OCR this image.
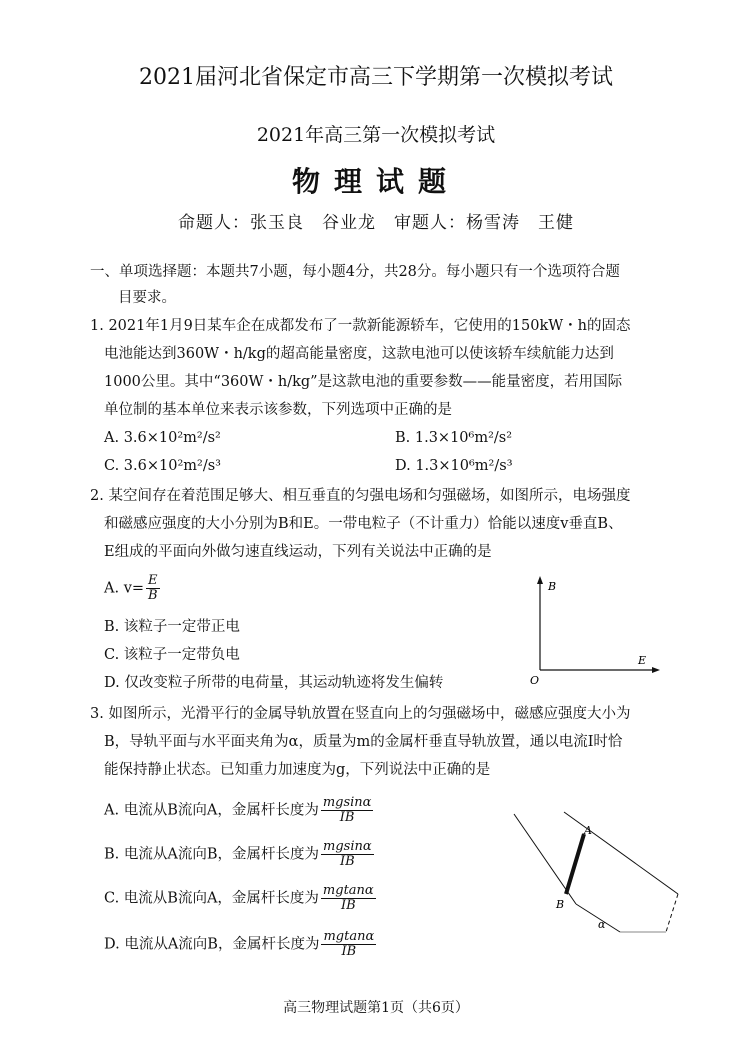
2021届河北省保定市高三下学期第一次模拟考试
2021年高三第一次模拟考试
物理试题
命题人：张玉良　谷业龙　审题人：杨雪涛　王健
一、单项选择题：本题共7小题，每小题4分，共28分。每小题只有一个选项符合题
目要求。
1. 2021年1月9日某车企在成都发布了一款新能源轿车，它使用的150kW・h的固态
电池能达到360W・h/kg的超高能量密度，这款电池可以使该轿车续航能力达到
1000公里。其中“360W・h/kg”是这款电池的重要参数——能量密度，若用国际
单位制的基本单位来表示该参数，下列选项中正确的是
A. 3.6×10²m²/s²	B. 1.3×10⁶m²/s²
C. 3.6×10²m²/s³	D. 1.3×10⁶m²/s³
2. 某空间存在着范围足够大、相互垂直的匀强电场和匀强磁场，如图所示，电场强度
和磁感应强度的大小分别为B和E。一带电粒子（不计重力）恰能以速度v垂直B、
E组成的平面向外做匀速直线运动，下列有关说法中正确的是
A. $v= \frac{E}{B}$
B. 该粒子一定带正电
C. 该粒子一定带负电
D. 仅改变粒子所带的电荷量，其运动轨迹将发生偏转
B
E
O
3. 如图所示，光滑平行的金属导轨放置在竖直向上的匀强磁场中，磁感应强度大小为
B，导轨平面与水平面夹角为α，质量为m的金属杆垂直导轨放置，通以电流I时恰
能保持静止状态。已知重力加速度为g，下列说法中正确的是
A. 电流从B流向A，金属杆长度为 $\frac{mgsin\alpha}{IB}$
B. 电流从A流向B，金属杆长度为 $\frac{mgsin\alpha}{IB}$
C. 电流从B流向A，金属杆长度为 $\frac{mgtan\alpha}{IB}$
D. 电流从A流向B，金属杆长度为 $\frac{mgtan\alpha}{IB}$
A
B
α
高三物理试题第1页（共6页）
